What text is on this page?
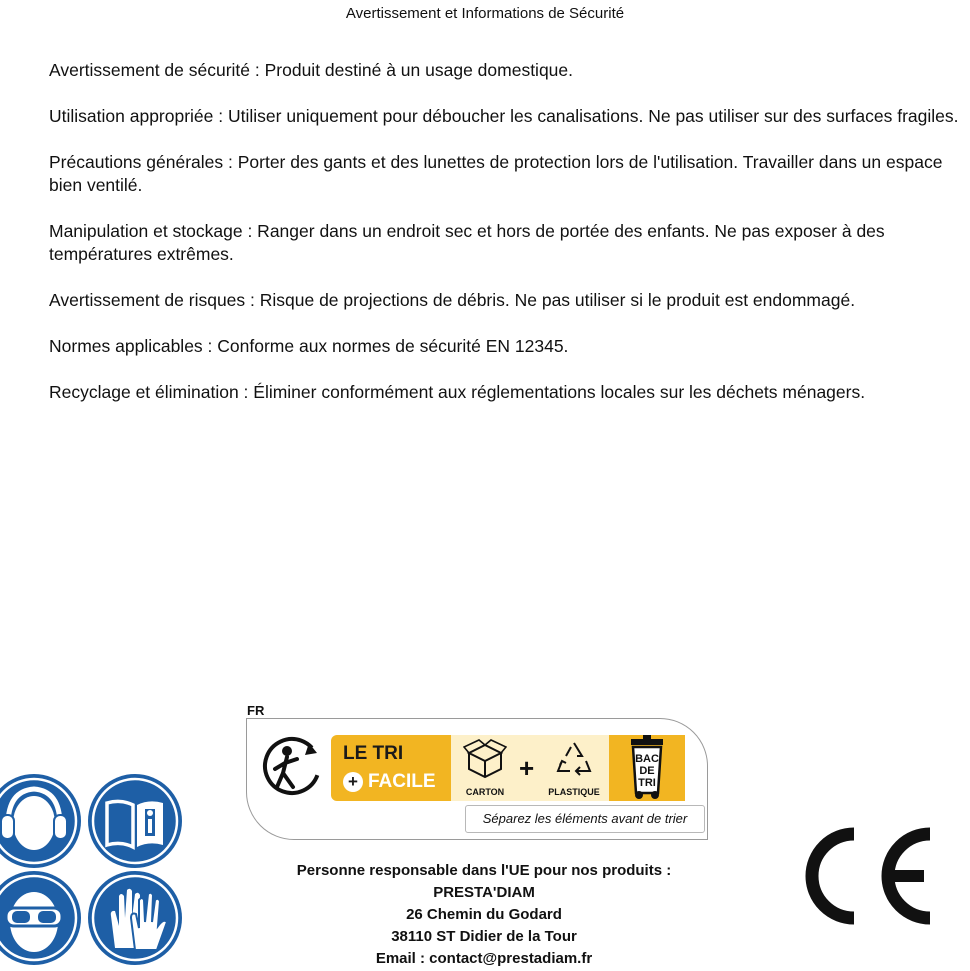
Avertissement et Informations de Sécurité

Avertissement de sécurité : Produit destiné à un usage domestique.

Utilisation appropriée : Utiliser uniquement pour déboucher les canalisations. Ne pas utiliser sur des surfaces fragiles.

Précautions générales : Porter des gants et des lunettes de protection lors de l'utilisation. Travailler dans un espace bien ventilé.

Manipulation et stockage : Ranger dans un endroit sec et hors de portée des enfants. Ne pas exposer à des températures extrêmes.

Avertissement de risques : Risque de projections de débris. Ne pas utiliser si le produit est endommagé.

Normes applicables : Conforme aux normes de sécurité EN 12345.

Recyclage et élimination : Éliminer conformément aux réglementations locales sur les déchets ménagers.

FR
LE TRI
+ FACILE	CARTON
+
PLASTIQUE
BAC
DE
TRI
Séparez les éléments avant de trier
Personne responsable dans l'UE pour nos produits :
PRESTA'DIAM
26 Chemin du Godard
38110 ST Didier de la Tour
Email : contact@prestadiam.fr
